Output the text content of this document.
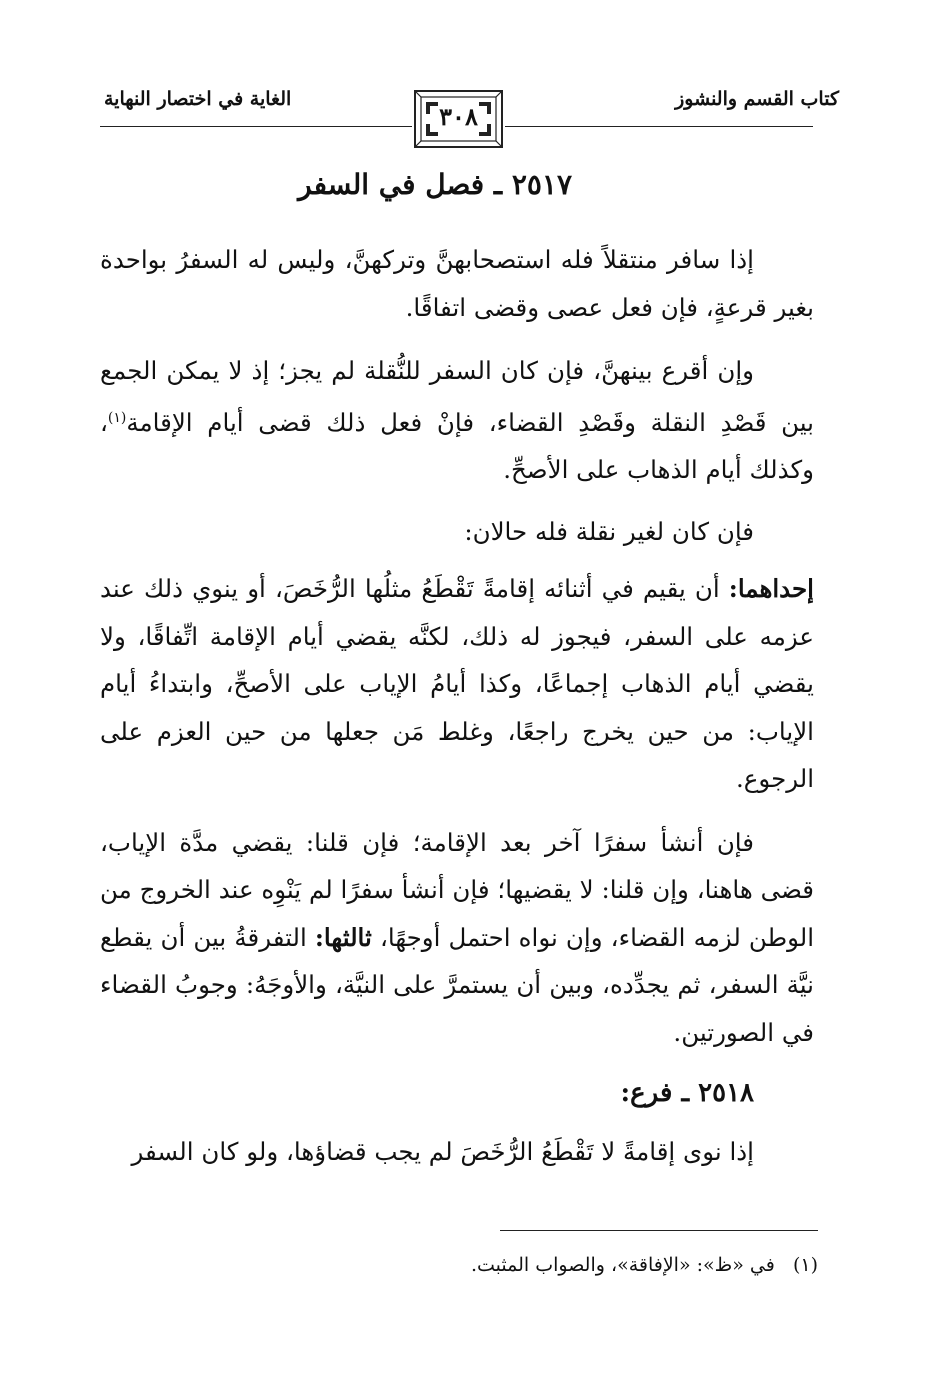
كتاب القسم والنشوز
الغاية في اختصار النهاية
٣٠٨
٢٥١٧ ـ فصل في السفر

إذا سافر منتقلاً فله استصحابهنَّ وتركهنَّ، وليس له السفرُ بواحدة بغير قرعةٍ، فإن فعل عصى وقضى اتفاقًا.

وإن أقرع بينهنَّ، فإن كان السفر للنُّقلة لم يجز؛ إذ لا يمكن الجمع بين قَصْدِ النقلة وقَصْدِ القضاء، فإنْ فعل ذلك قضى أيام الإقامة$^{(١)}$، وكذلك أيام الذهاب على الأصحِّ.

فإن كان لغير نقلة فله حالان:

إحداهما: أن يقيم في أثنائه إقامةً تَقْطَعُ مثلُها الرُّخَصَ، أو ينوي ذلك عند عزمه على السفر، فيجوز له ذلك، لكنَّه يقضي أيام الإقامة اتِّفاقًا، ولا يقضي أيام الذهاب إجماعًا، وكذا أيامُ الإياب على الأصحِّ، وابتداءُ أيام الإياب: من حين يخرج راجعًا، وغلط مَن جعلها من حين العزم على الرجوع.

فإن أنشأ سفرًا آخر بعد الإقامة؛ فإن قلنا: يقضي مدَّة الإياب، قضى هاهنا، وإن قلنا: لا يقضيها؛ فإن أنشأ سفرًا لم يَنْوِه عند الخروج من الوطن لزمه القضاء، وإن نواه احتمل أوجهًا، ثالثها: التفرقةُ بين أن يقطع نيَّة السفر، ثم يجدِّده، وبين أن يستمرَّ على النيَّة، والأوجَهُ: وجوبُ القضاء في الصورتين.

٢٥١٨ ـ فرع:

إذا نوى إقامةً لا تَقْطَعُ الرُّخَصَ لم يجب قضاؤها، ولو كان السفر

(١)   في «ظ»: «الإفاقة»، والصواب المثبت.
